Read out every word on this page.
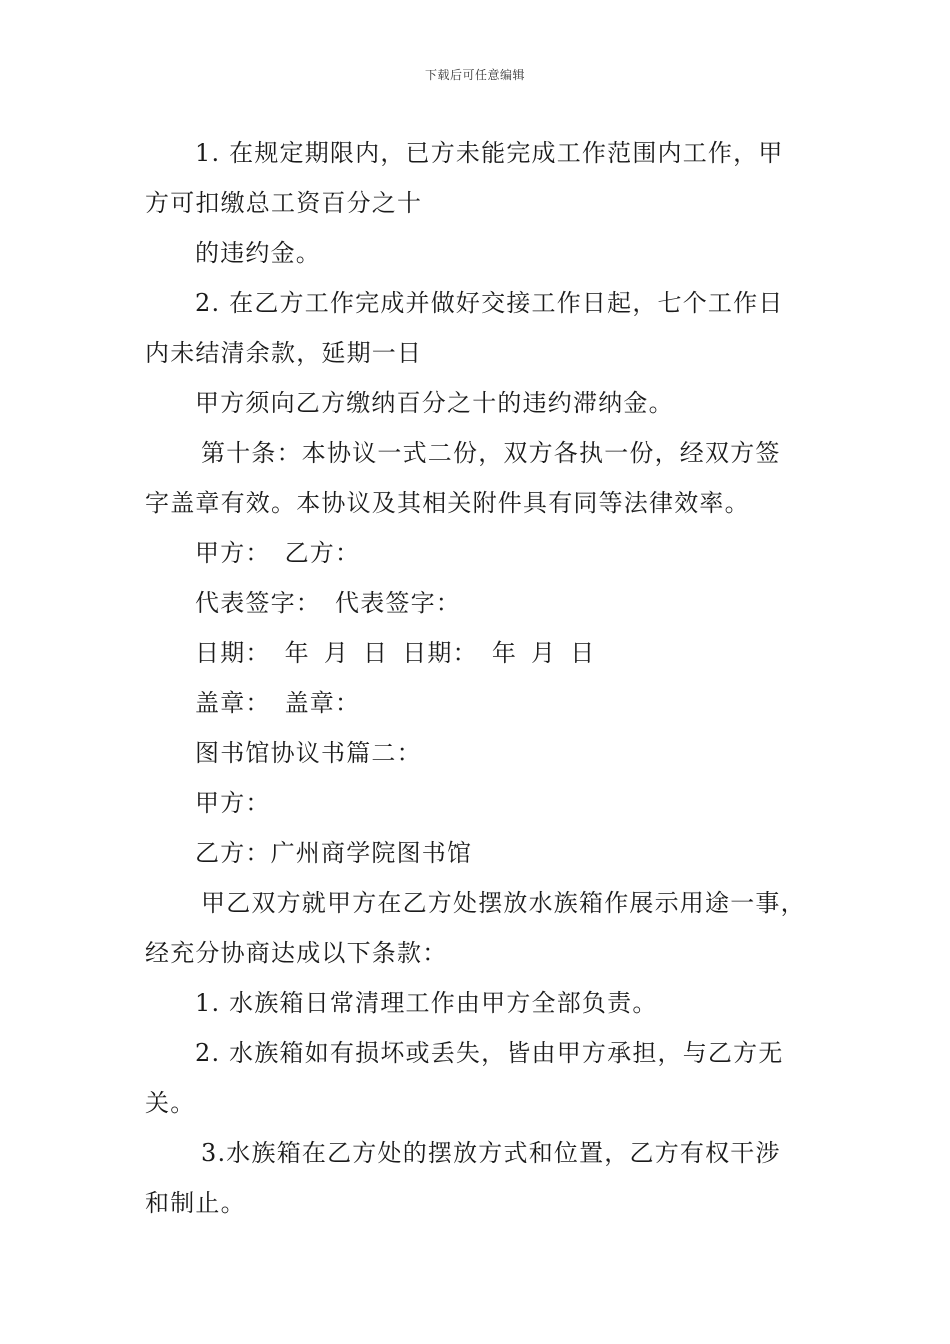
下载后可任意编辑
1. 在规定期限内，已方未能完成工作范围内工作，甲
方可扣缴总工资百分之十
的违约金。
2. 在乙方工作完成并做好交接工作日起，七个工作日
内未结清余款，延期一日
甲方须向乙方缴纳百分之十的违约滞纳金。
第十条：本协议一式二份，双方各执一份，经双方签
字盖章有效。本协议及其相关附件具有同等法律效率。
甲方： 乙方：
代表签字： 代表签字：
日期： 年 月 日 日期： 年 月 日
盖章： 盖章：
图书馆协议书篇二：
甲方：
乙方：广州商学院图书馆
甲乙双方就甲方在乙方处摆放水族箱作展示用途一事，
经充分协商达成以下条款：
1. 水族箱日常清理工作由甲方全部负责。
2. 水族箱如有损坏或丢失，皆由甲方承担，与乙方无
关。
3.水族箱在乙方处的摆放方式和位置，乙方有权干涉
和制止。
